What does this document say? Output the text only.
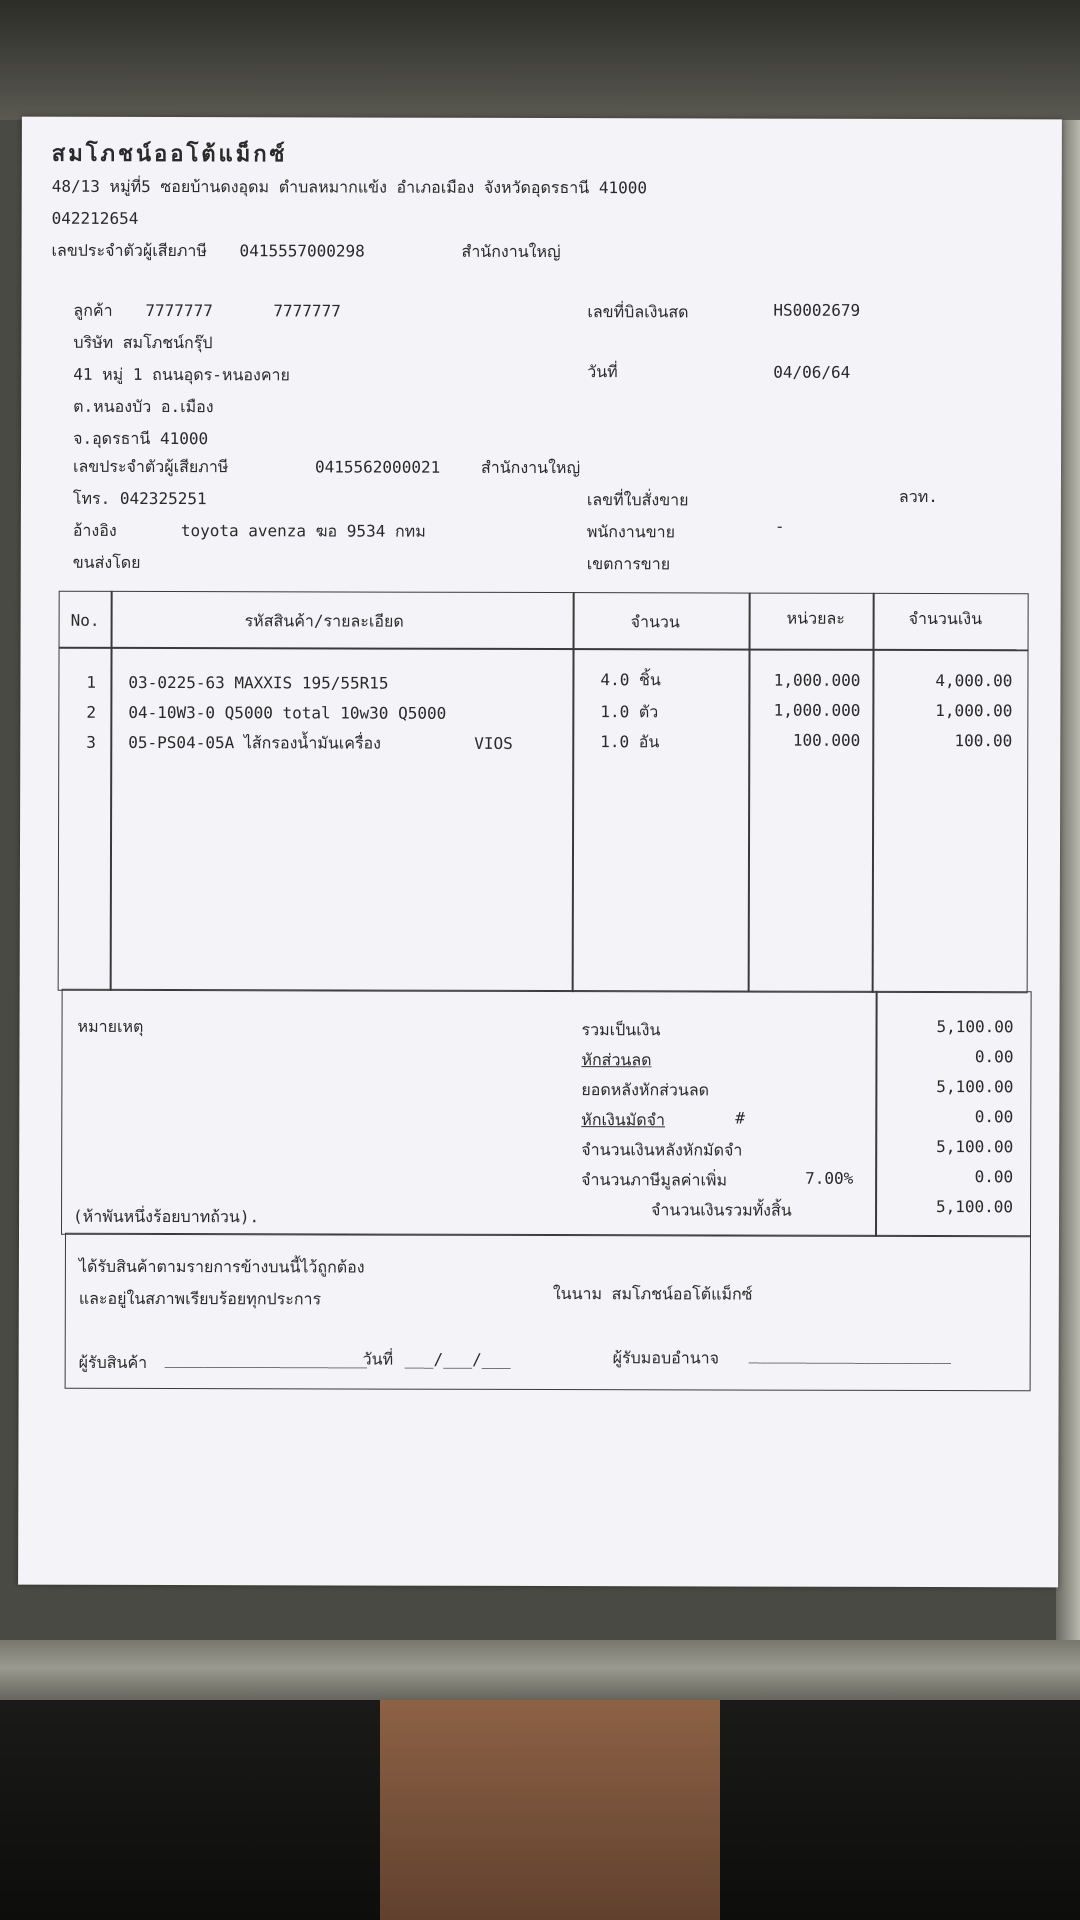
สมโภชน์ออโต้แม็กซ์
48/13 หมู่ที่5 ซอยบ้านดงอุดม ตำบลหมากแข้ง อำเภอเมือง จังหวัดอุดรธานี 41000
042212654
เลขประจำตัวผู้เสียภาษี 0415557000298	สำนักงานใหญ่
ลูกค้า 7777777	7777777
บริษัท สมโภชน์กรุ๊ป
41 หมู่ 1 ถนนอุดร-หนองคาย
ต.หนองบัว อ.เมือง
จ.อุดรธานี 41000
เลขประจำตัวผู้เสียภาษี	0415562000021	สำนักงานใหญ่
โทร. 042325251
อ้างอิง	toyota avenza ฆอ 9534 กทม
ขนส่งโดย
เลขที่บิลเงินสด	HS0002679
วันที่	04/06/64
เลขที่ใบสั่งขาย	ลวท.
พนักงานขาย	-
เขตการขาย
No.	รหัสสินค้า/รายละเอียด	จำนวน	หน่วยละ	จำนวนเงิน
1 03-0225-63 MAXXIS 195/55R15	4.0 ชิ้น	1,000.000	4,000.00
2 04-10W3-0 Q5000 total 10w30 Q5000	1.0 ตัว	1,000.000	1,000.00
3 05-PS04-05A ไส้กรองน้ำมันเครื่อง	VIOS	1.0 อัน	100.000	100.00
หมายเหตุ
(ห้าพันหนึ่งร้อยบาทถ้วน).
รวมเป็นเงิน	5,100.00
หักส่วนลด	0.00
ยอดหลังหักส่วนลด	5,100.00
หักเงินมัดจำ	#	0.00
จำนวนเงินหลังหักมัดจำ	5,100.00
จำนวนภาษีมูลค่าเพิ่ม	7.00%	0.00
จำนวนเงินรวมทั้งสิ้น	5,100.00
ได้รับสินค้าตามรายการข้างบนนี้ไว้ถูกต้อง
และอยู่ในสภาพเรียบร้อยทุกประการ	ในนาม สมโภชน์ออโต้แม็กซ์
ผู้รับสินค้า _____________________
วันที่ ___/___/___	ผู้รับมอบอำนาจ _____________________
